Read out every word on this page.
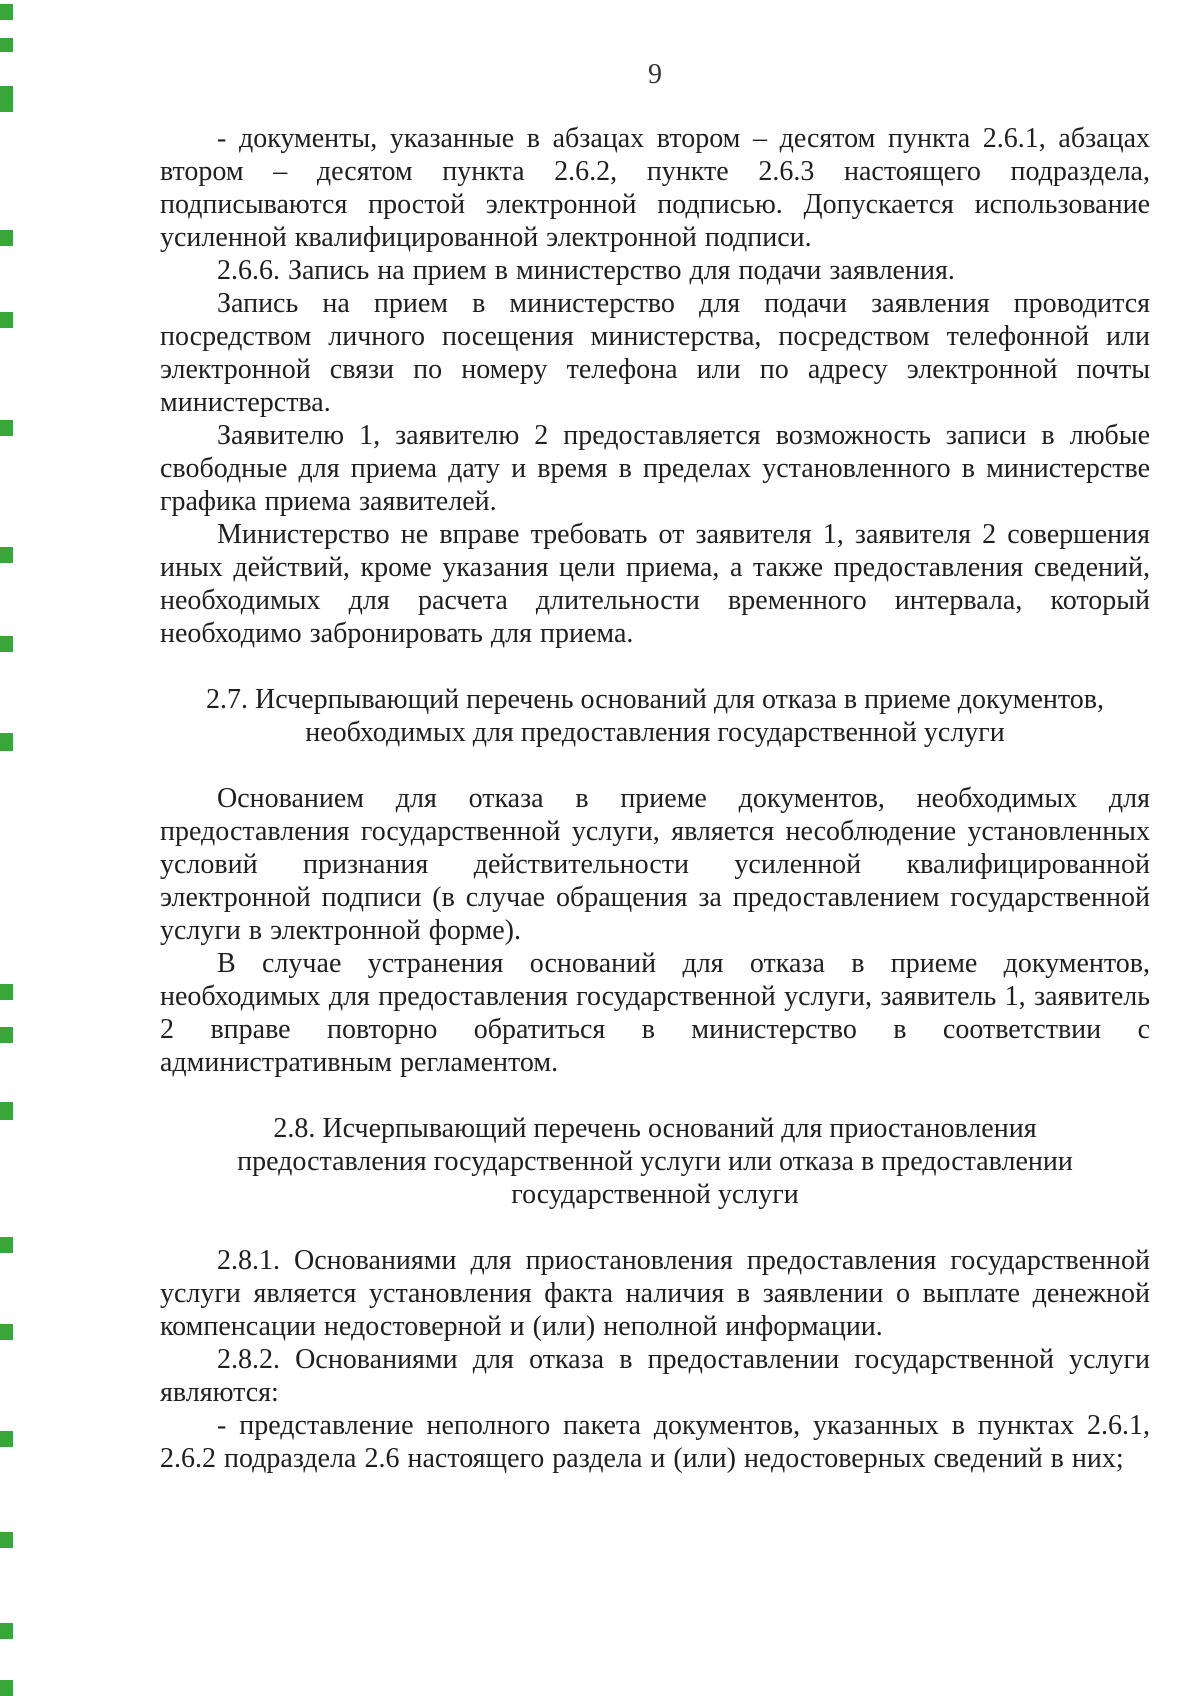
9

- документы, указанные в абзацах втором – десятом пункта 2.6.1, абзацах втором – десятом пункта 2.6.2, пункте 2.6.3 настоящего подраздела, подписываются простой электронной подписью. Допускается использование усиленной квалифицированной электронной подписи.

2.6.6. Запись на прием в министерство для подачи заявления.

Запись на прием в министерство для подачи заявления проводится посредством личного посещения министерства, посредством телефонной или электронной связи по номеру телефона или по адресу электронной почты министерства.

Заявителю 1, заявителю 2 предоставляется возможность записи в любые свободные для приема дату и время в пределах установленного в министерстве графика приема заявителей.

Министерство не вправе требовать от заявителя 1, заявителя 2 совершения иных действий, кроме указания цели приема, а также предоставления сведений, необходимых для расчета длительности временного интервала, который необходимо забронировать для приема.

2.7. Исчерпывающий перечень оснований для отказа в приеме документов, необходимых для предоставления государственной услуги

Основанием для отказа в приеме документов, необходимых для предоставления государственной услуги, является несоблюдение установленных условий признания действительности усиленной квалифицированной электронной подписи (в случае обращения за предоставлением государственной услуги в электронной форме).

В случае устранения оснований для отказа в приеме документов, необходимых для предоставления государственной услуги, заявитель 1, заявитель 2 вправе повторно обратиться в министерство в соответствии с административным регламентом.

2.8. Исчерпывающий перечень оснований для приостановления предоставления государственной услуги или отказа в предоставлении государственной услуги

2.8.1. Основаниями для приостановления предоставления государственной услуги является установления факта наличия в заявлении о выплате денежной компенсации недостоверной и (или) неполной информации.

2.8.2. Основаниями для отказа в предоставлении государственной услуги являются:

- представление неполного пакета документов, указанных в пунктах 2.6.1, 2.6.2 подраздела 2.6 настоящего раздела и (или) недостоверных сведений в них;
